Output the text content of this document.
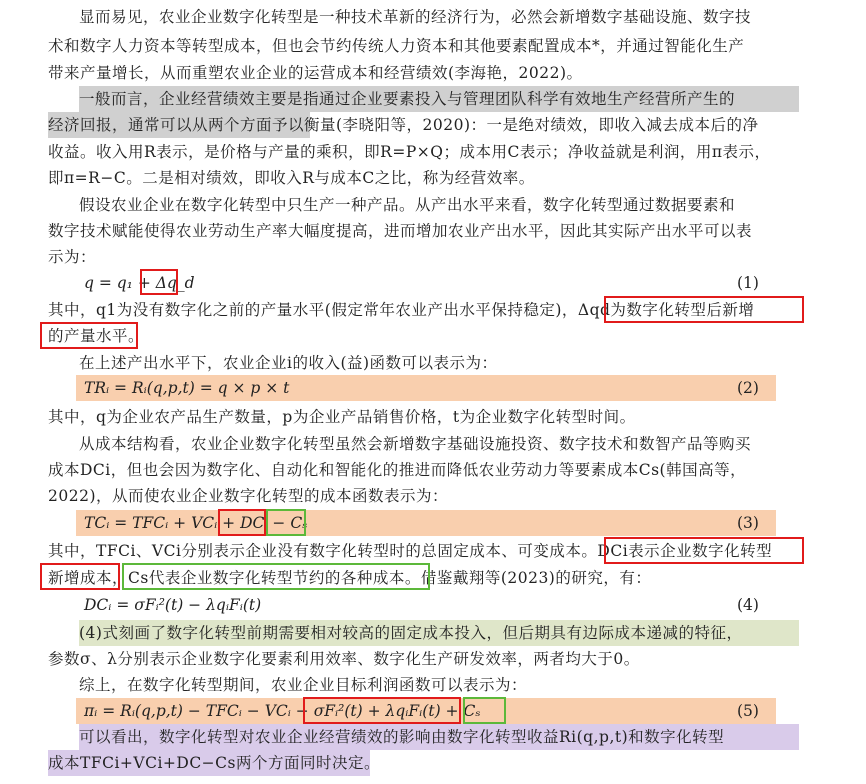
显而易见，农业企业数字化转型是一种技术革新的经济行为，必然会新增数字基础设施、数字技
术和数字人力资本等转型成本，但也会节约传统人力资本和其他要素配置成本*，并通过智能化生产
带来产量增长，从而重塑农业企业的运营成本和经营绩效(李海艳，2022)。
一般而言，企业经营绩效主要是指通过企业要素投入与管理团队科学有效地生产经营所产生的
经济回报，通常可以从两个方面予以衡量(李晓阳等，2020)：一是绝对绩效，即收入减去成本后的净
收益。收入用R表示，是价格与产量的乘积，即R=P×Q；成本用C表示；净收益就是利润，用π表示，
即π=R−C。二是相对绩效，即收入R与成本C之比，称为经营效率。
假设农业企业在数字化转型中只生产一种产品。从产出水平来看，数字化转型通过数据要素和
数字技术赋能使得农业劳动生产率大幅度提高，进而增加农业产出水平，因此其实际产出水平可以表
示为：
q = q₁ + Δq_d	(1)
其中，q1为没有数字化之前的产量水平(假定常年农业产出水平保持稳定)，Δqd为数字化转型后新增
的产量水平。
在上述产出水平下，农业企业i的收入(益)函数可以表示为：
TRᵢ = Rᵢ(q,p,t) = q × p × t	(2)
其中，q为企业农产品生产数量，p为企业产品销售价格，t为企业数字化转型时间。
从成本结构看，农业企业数字化转型虽然会新增数字基础设施投资、数字技术和数智产品等购买
成本DCi，但也会因为数字化、自动化和智能化的推进而降低农业劳动力等要素成本Cs(韩国高等，
2022)，从而使农业企业数字化转型的成本函数表示为：
TCᵢ = TFCᵢ + VCᵢ + DCᵢ − Cₛ	(3)
其中，TFCi、VCi分别表示企业没有数字化转型时的总固定成本、可变成本。DCi表示企业数字化转型
新增成本，Cs代表企业数字化转型节约的各种成本。借鉴戴翔等(2023)的研究，有：
DCᵢ = σFᵢ²(t) − λqᵢFᵢ(t)	(4)
(4)式刻画了数字化转型前期需要相对较高的固定成本投入，但后期具有边际成本递减的特征，
参数σ、λ分别表示企业数字化要素利用效率、数字化生产研发效率，两者均大于0。
综上，在数字化转型期间，农业企业目标利润函数可以表示为：
πᵢ = Rᵢ(q,p,t) − TFCᵢ − VCᵢ − σFᵢ²(t) + λqᵢFᵢ(t) + Cₛ	(5)
可以看出，数字化转型对农业企业经营绩效的影响由数字化转型收益Ri(q,p,t)和数字化转型
成本TFCi+VCi+DC−Cs两个方面同时决定。
